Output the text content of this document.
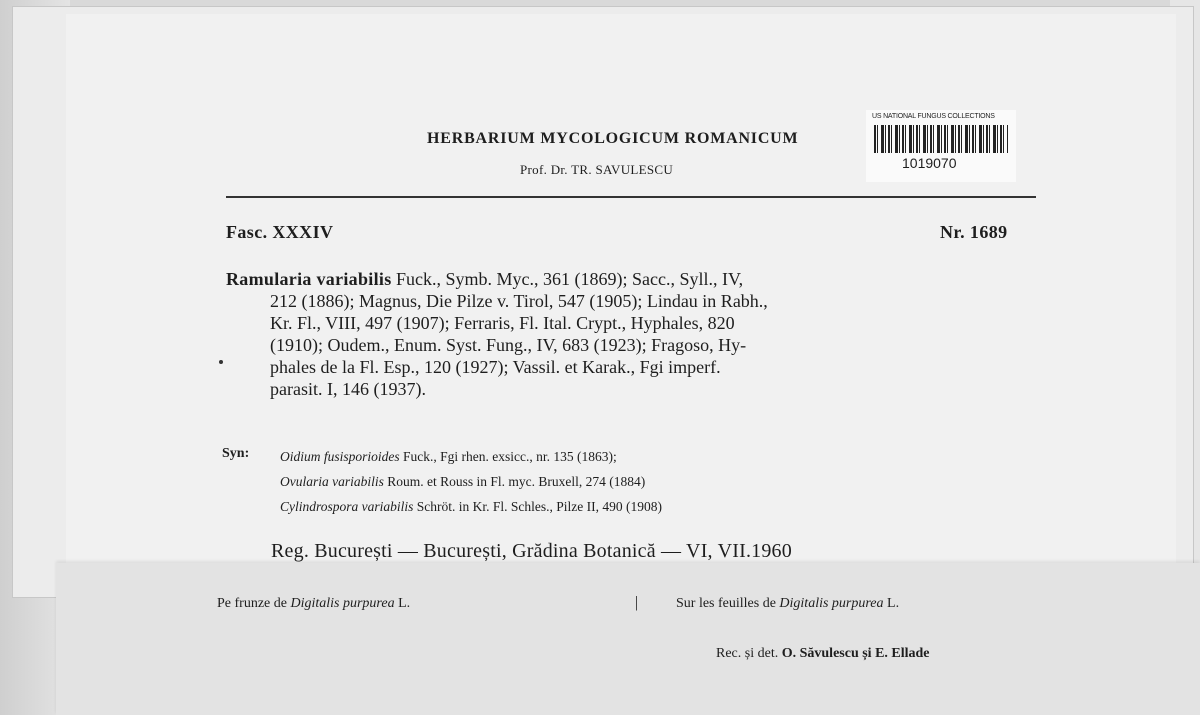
HERBARIUM MYCOLOGICUM ROMANICUM
Prof. Dr. TR. SAVULESCU
US NATIONAL FUNGUS COLLECTIONS
1019070
Fasc. XXXIV	Nr. 1689
Ramularia variabilis Fuck., Symb. Myc., 361 (1869); Sacc., Syll., IV,
212 (1886); Magnus, Die Pilze v. Tirol, 547 (1905); Lindau in Rabh.,
Kr. Fl., VIII, 497 (1907); Ferraris, Fl. Ital. Crypt., Hyphales, 820
(1910); Oudem., Enum. Syst. Fung., IV, 683 (1923); Fragoso, Hy-
phales de la Fl. Esp., 120 (1927); Vassil. et Karak., Fgi imperf.
parasit. I, 146 (1937).
Syn: Oidium fusisporioides Fuck., Fgi rhen. exsicc., nr. 135 (1863);
Ovularia variabilis Roum. et Rouss in Fl. myc. Bruxell, 274 (1884)
Cylindrospora variabilis Schröt. in Kr. Fl. Schles., Pilze II, 490 (1908)
Reg. București — București, Grădina Botanică — VI, VII.1960
Pe frunze de Digitalis purpurea L.	|	Sur les feuilles de Digitalis purpurea L.
Rec. și det. O. Săvulescu și E. Ellade
